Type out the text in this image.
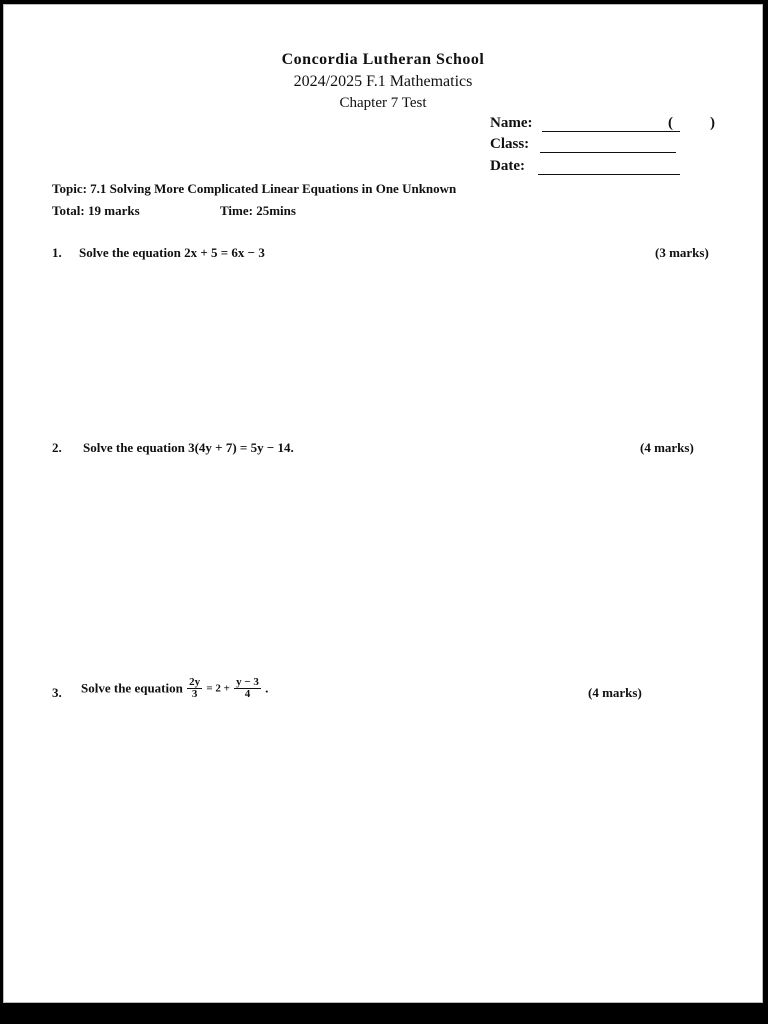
Concordia Lutheran School
2024/2025 F.1 Mathematics
Chapter 7 Test
Name:	( )
Class:
Date:
Topic: 7.1 Solving More Complicated Linear Equations in One Unknown
Total: 19 marks	Time: 25mins
1. Solve the equation 2x + 5 = 6x − 3	(3 marks)
2. Solve the equation 3(4y + 7) = 5y − 14.	(4 marks)
3. Solve the equation $\frac{2y}{3} = 2 + \frac{y - 3}{4}$ .	(4 marks)
